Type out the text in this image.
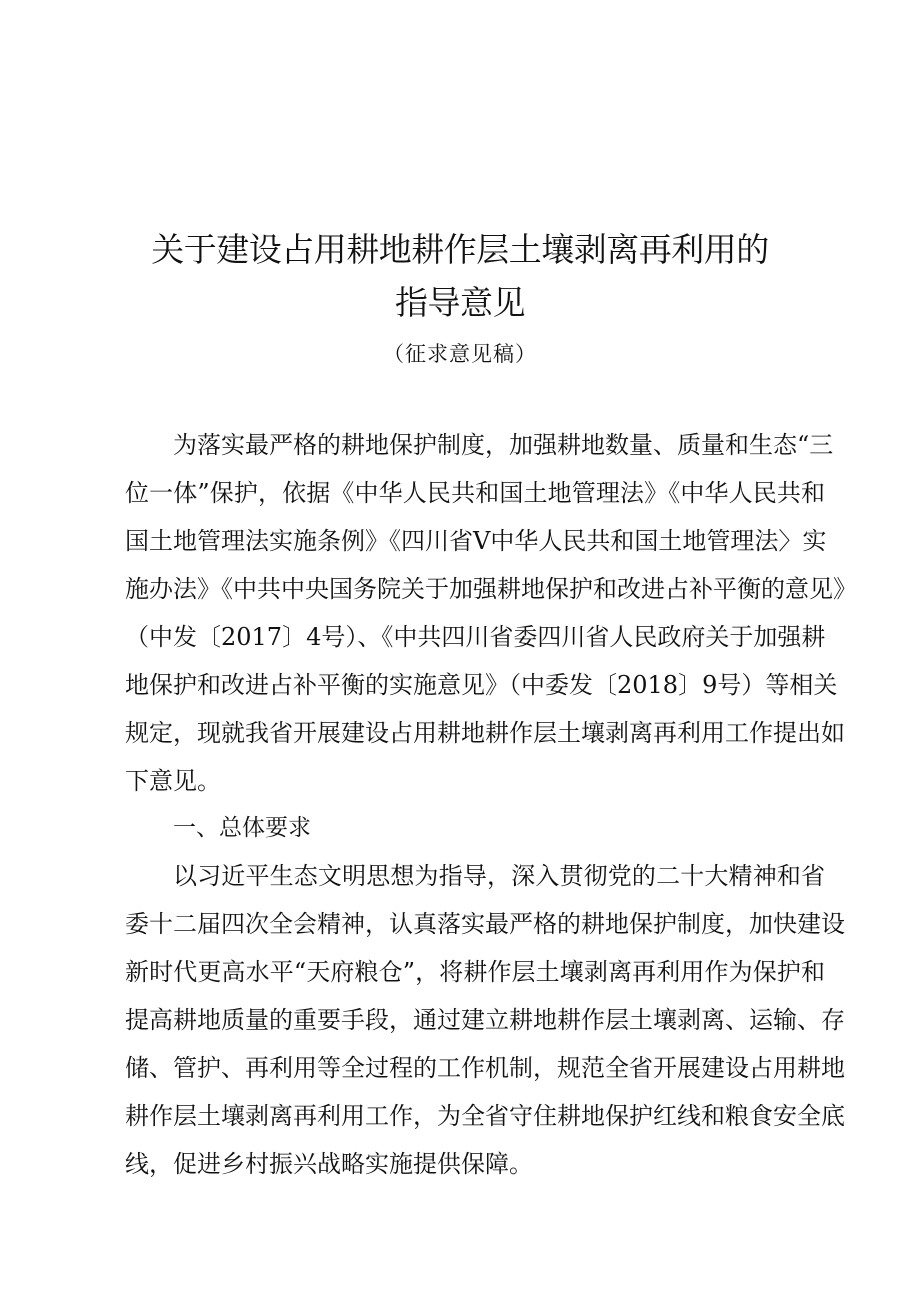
关于建设占用耕地耕作层土壤剥离再利用的
指导意见
（征求意见稿）
为落实最严格的耕地保护制度，加强耕地数量、质量和生态“三
位一体”保护，依据《中华人民共和国土地管理法》《中华人民共和
国土地管理法实施条例》《四川省V中华人民共和国土地管理法〉实
施办法》《中共中央国务院关于加强耕地保护和改进占补平衡的意见》
（中发〔2017〕4号）、《中共四川省委四川省人民政府关于加强耕
地保护和改进占补平衡的实施意见》（中委发〔2018〕9号）等相关
规定，现就我省开展建设占用耕地耕作层土壤剥离再利用工作提出如
下意见。
一、总体要求
以习近平生态文明思想为指导，深入贯彻党的二十大精神和省
委十二届四次全会精神，认真落实最严格的耕地保护制度，加快建设
新时代更高水平“天府粮仓”，将耕作层土壤剥离再利用作为保护和
提高耕地质量的重要手段，通过建立耕地耕作层土壤剥离、运输、存
储、管护、再利用等全过程的工作机制，规范全省开展建设占用耕地
耕作层土壤剥离再利用工作，为全省守住耕地保护红线和粮食安全底
线，促进乡村振兴战略实施提供保障。
